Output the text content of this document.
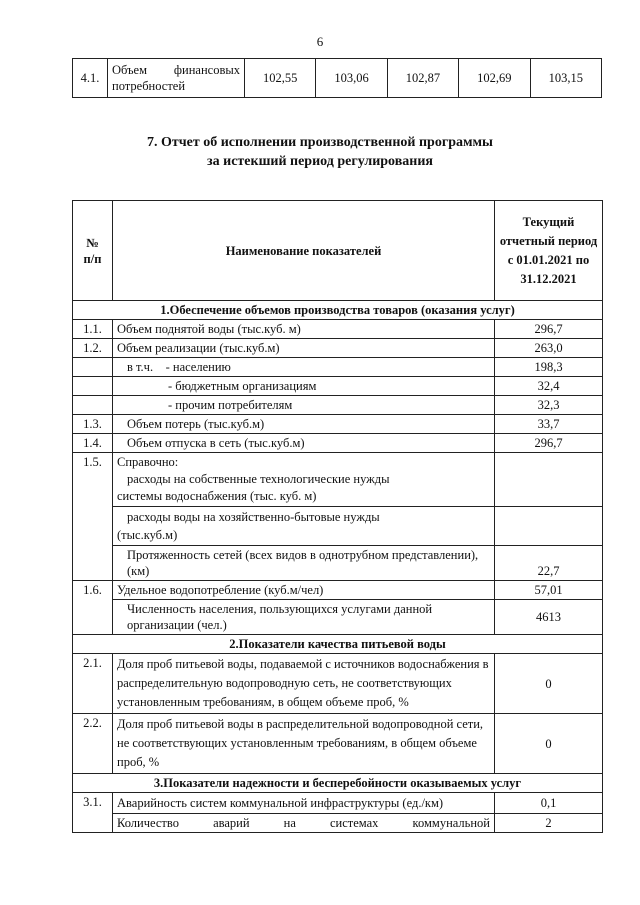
6
4.1.	Объем финансовых потребностей	102,55	103,06	102,87	102,69	103,15
7. Отчет об исполнении производственной программы
за истекший период регулирования
№
п/п	Наименование показателей	Текущий отчетный период с 01.01.2021 по 31.12.2021
1.Обеспечение объемов производства товаров (оказания услуг)		
1.1.	Объем поднятой воды (тыс.куб. м)	296,7
1.2.	Объем реализации (тыс.куб.м)	263,0
	в т.ч.    - населению	198,3
	- бюджетным организациям	32,4
	- прочим потребителям	32,3
1.3.	Объем потерь (тыс.куб.м)	33,7
1.4.	Объем отпуска в сеть (тыс.куб.м)	296,7
1.5.	Справочно:
расходы на собственные технологические нужды
системы водоснабжения (тыс. куб. м)	

	расходы воды на хозяйственно-бытовые нужды
(тыс.куб.м)	

	Протяженность сетей (всех видов в однотрубном представлении), (км)	22,7
1.6.	Удельное водопотребление (куб.м/чел)	57,01
	Численность населения, пользующихся услугами данной организации (чел.)	4613
2.Показатели качества питьевой воды		
2.1.	Доля проб питьевой воды, подаваемой с источников водоснабжения в распределительную водопроводную сеть, не соответствующих установленным требованиям, в общем объеме проб, %	0
2.2.	Доля проб питьевой воды в распределительной водопроводной сети, не соответствующих установленным требованиям, в общем объеме проб, %	0
3.Показатели надежности и бесперебойности оказываемых услуг		
3.1.	Аварийность систем коммунальной инфраструктуры (ед./км)	0,1
	Количество аварий на системах коммунальной	2
